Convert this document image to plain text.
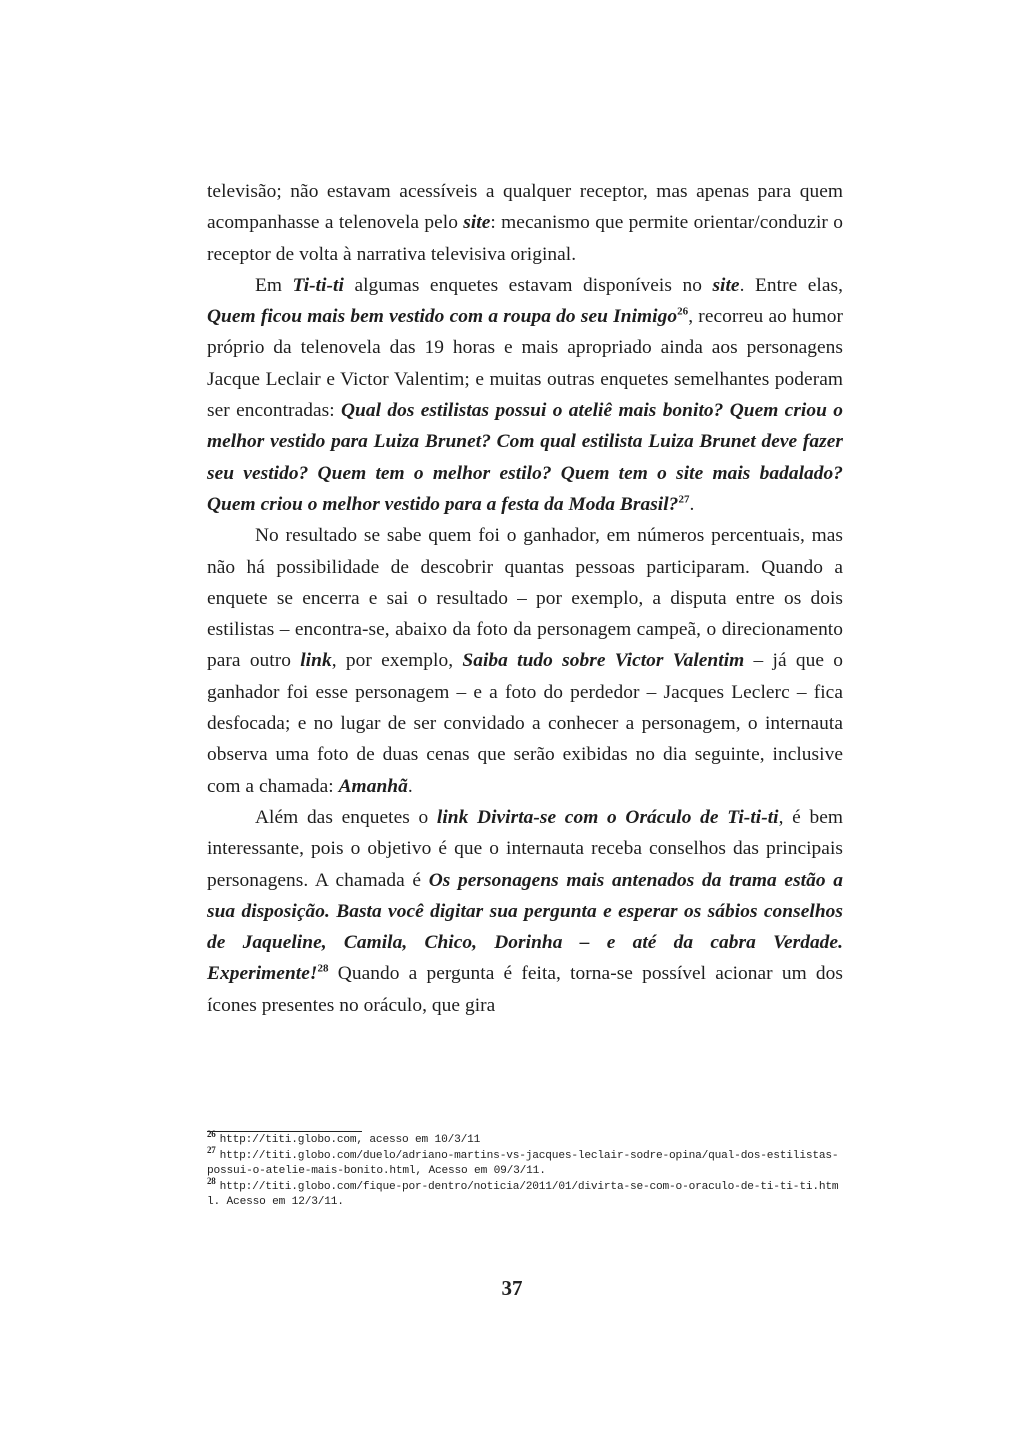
televisão; não estavam acessíveis a qualquer receptor, mas apenas para quem acompanhasse a telenovela pelo site: mecanismo que permite orientar/conduzir o receptor de volta à narrativa televisiva original.

Em Ti-ti-ti algumas enquetes estavam disponíveis no site. Entre elas, Quem ficou mais bem vestido com a roupa do seu Inimigo$^{26}$, recorreu ao humor próprio da telenovela das 19 horas e mais apropriado ainda aos personagens Jacque Leclair e Victor Valentim; e muitas outras enquetes semelhantes poderam ser encontradas: Qual dos estilistas possui o ateliê mais bonito? Quem criou o melhor vestido para Luiza Brunet? Com qual estilista Luiza Brunet deve fazer seu vestido? Quem tem o melhor estilo? Quem tem o site mais badalado? Quem criou o melhor vestido para a festa da Moda Brasil?$^{27}$.

No resultado se sabe quem foi o ganhador, em números percentuais, mas não há possibilidade de descobrir quantas pessoas participaram. Quando a enquete se encerra e sai o resultado – por exemplo, a disputa entre os dois estilistas – encontra-se, abaixo da foto da personagem campeã, o direcionamento para outro link, por exemplo, Saiba tudo sobre Victor Valentim – já que o ganhador foi esse personagem – e a foto do perdedor – Jacques Leclerc – fica desfocada; e no lugar de ser convidado a conhecer a personagem, o internauta observa uma foto de duas cenas que serão exibidas no dia seguinte, inclusive com a chamada: Amanhã.

Além das enquetes o link Divirta-se com o Oráculo de Ti-ti-ti, é bem interessante, pois o objetivo é que o internauta receba conselhos das principais personagens. A chamada é Os personagens mais antenados da trama estão a sua disposição. Basta você digitar sua pergunta e esperar os sábios conselhos de Jaqueline, Camila, Chico, Dorinha – e até da cabra Verdade. Experimente!$^{28}$ Quando a pergunta é feita, torna-se possível acionar um dos ícones presentes no oráculo, que gira

$^{26}$ http://titi.globo.com, acesso em 10/3/11

$^{27}$ http://titi.globo.com/duelo/adriano-martins-vs-jacques-leclair-sodre-opina/qual-dos-estilistas-possui-o-atelie-mais-bonito.html, Acesso em 09/3/11.

$^{28}$ http://titi.globo.com/fique-por-dentro/noticia/2011/01/divirta-se-com-o-oraculo-de-ti-ti-ti.html. Acesso em 12/3/11.

37
